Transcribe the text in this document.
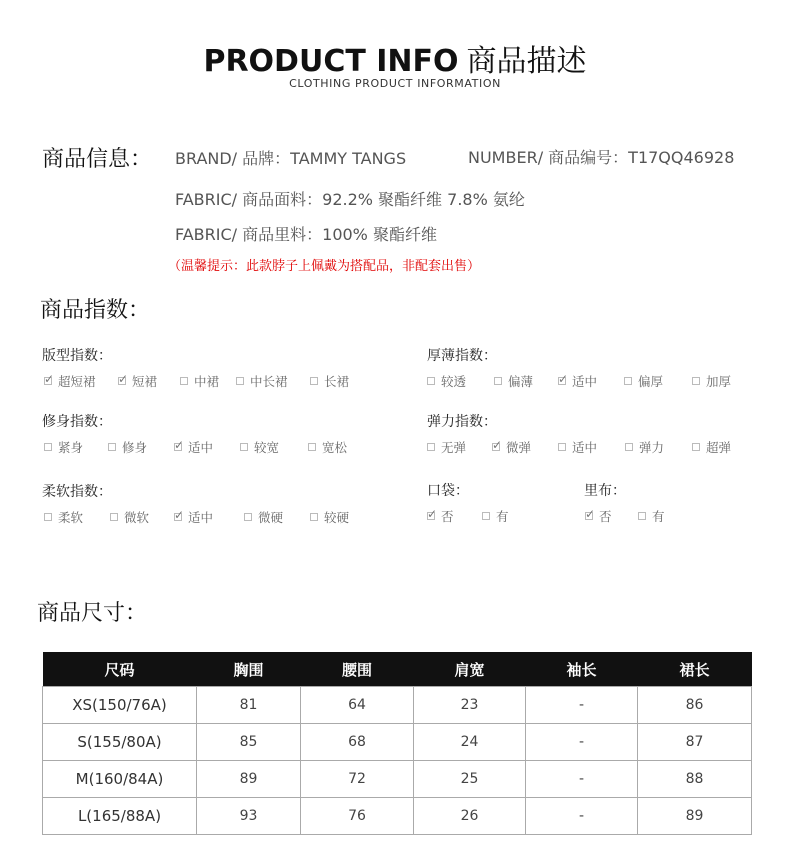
PRODUCT INFO 商品描述
CLOTHING PRODUCT INFORMATION
商品信息： BRAND/ 品牌：TAMMY TANGS	NUMBER/ 商品编号：T17QQ46928
FABRIC/ 商品面料：92.2% 聚酯纤维 7.8% 氨纶
FABRIC/ 商品里料：100% 聚酯纤维
（温馨提示：此款脖子上佩戴为搭配品，非配套出售）
商品指数：
版型指数：
✓
超短裙 ✓	短裙	中裙 中长裙	长裙
厚薄指数：
较透	偏薄 ✓	适中	偏厚	加厚
修身指数：
紧身	修身 ✓	适中	较宽	宽松
弹力指数：
无弹 ✓	微弹	适中	弹力	超弹
柔软指数：
柔软	微软 ✓	适中	微硬	较硬
口袋：
✓
否	有
里布：
✓
否	有
商品尺寸：
尺码	胸围	腰围	肩宽	袖长	裙长
XS(150/76A)	81	64	23	-	86
S(155/80A)	85	68	24	-	87
M(160/84A)	89	72	25	-	88
L(165/88A)	93	76	26	-	89
